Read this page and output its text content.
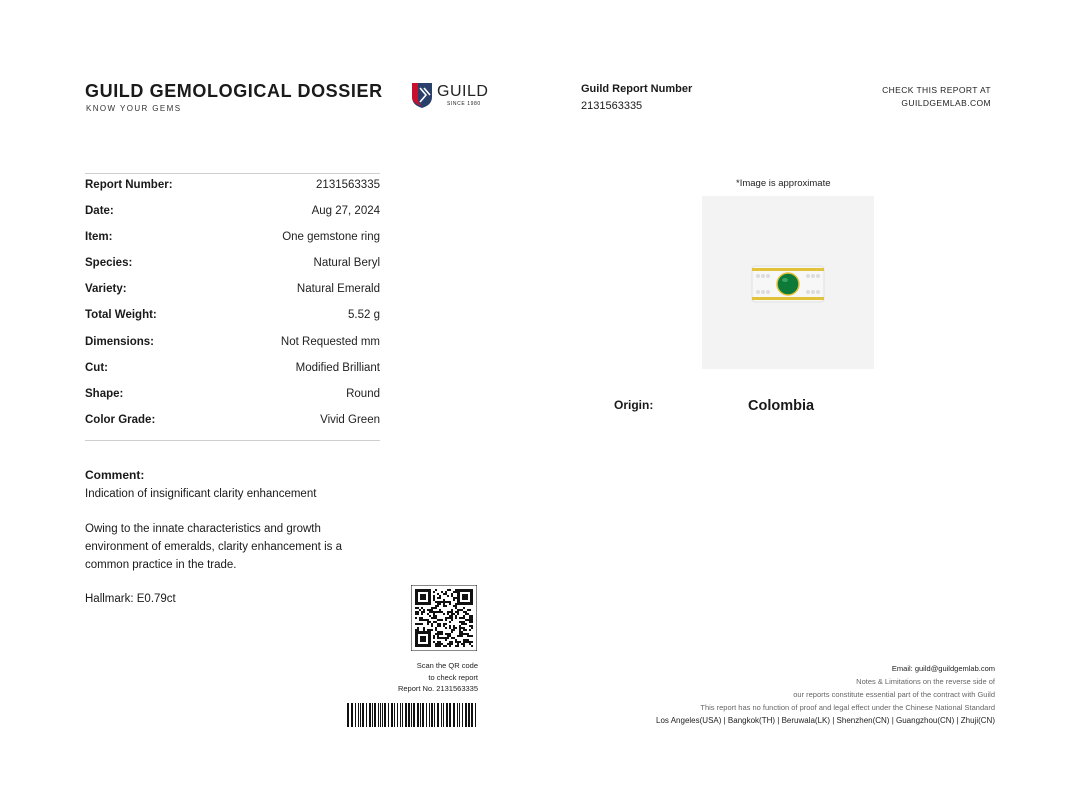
GUILD GEMOLOGICAL DOSSIER
KNOW YOUR GEMS
GUILD
SINCE 1980
Guild Report Number
2131563335
CHECK THIS REPORT AT
GUILDGEMLAB.COM
Report Number:	2131563335
Date:	Aug 27, 2024
Item:	One gemstone ring
Species:	Natural Beryl
Variety:	Natural Emerald
Total Weight:	5.52 g
Dimensions:	Not Requested mm
Cut:	Modified Brilliant
Shape:	Round
Color Grade:	Vivid Green
Comment:
Indication of insignificant clarity enhancement
Owing to the innate characteristics and growth environment of emeralds, clarity enhancement is a common practice in the trade.
Hallmark: E0.79ct
*Image is approximate
Origin:	Colombia
Scan the QR code
to check report
Report No. 2131563335
Email: guild@guildgemlab.com
Notes & Limitations on the reverse side of
our reports constitute essential part of the contract with Guild
This report has no function of proof and legal effect under the Chinese National Standard
Los Angeles(USA) | Bangkok(TH) | Beruwala(LK) | Shenzhen(CN) | Guangzhou(CN) | Zhuji(CN)
